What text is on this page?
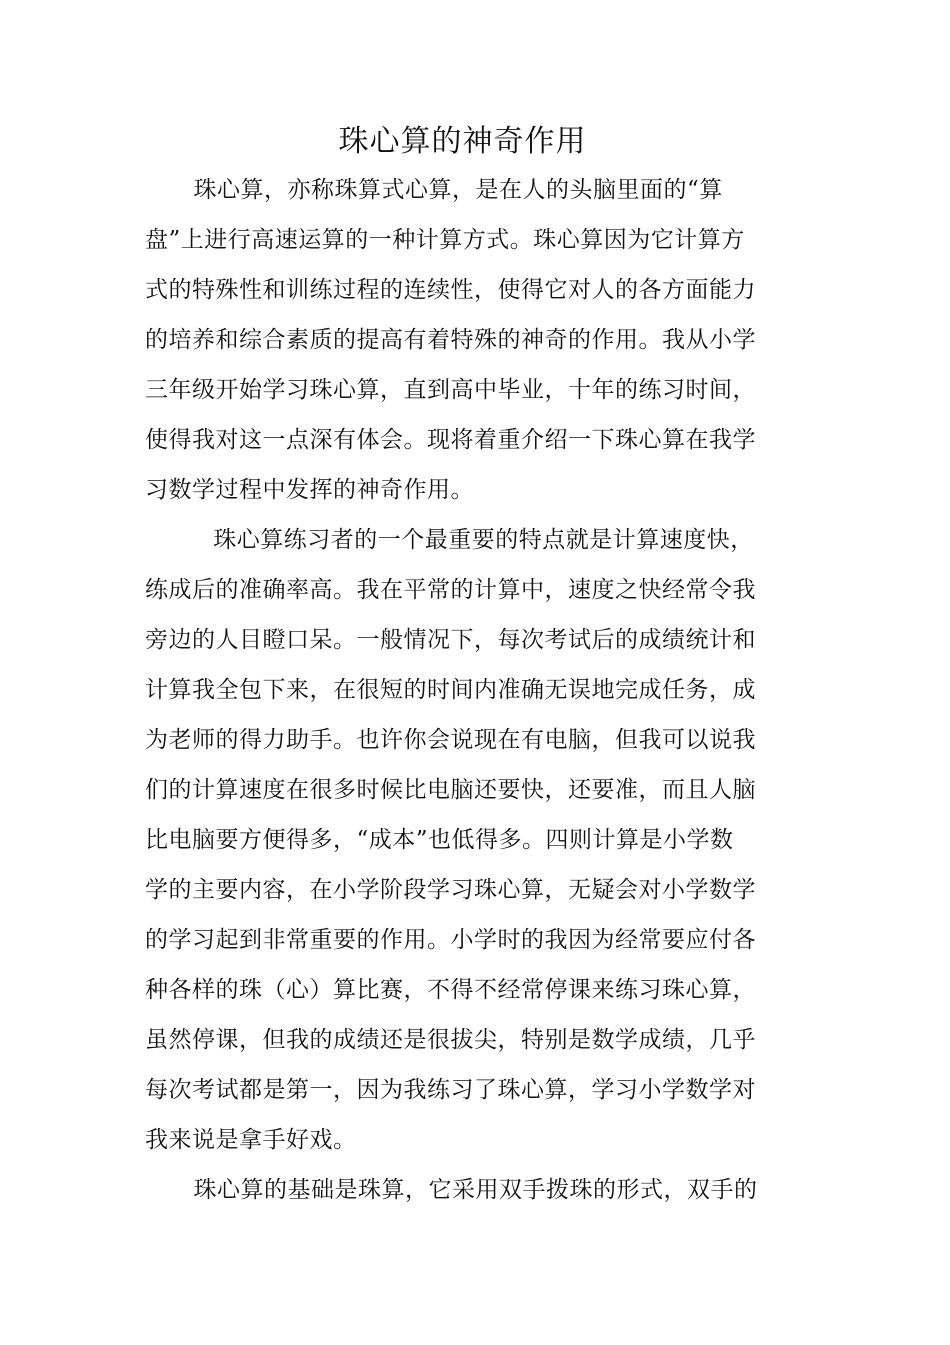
珠心算的神奇作用
　珠心算，亦称珠算式心算，是在人的头脑里面的“算
盘”上进行高速运算的一种计算方式。珠心算因为它计算方
式的特殊性和训练过程的连续性，使得它对人的各方面能力
的培养和综合素质的提高有着特殊的神奇的作用。我从小学
三年级开始学习珠心算，直到高中毕业，十年的练习时间，
使得我对这一点深有体会。现将着重介绍一下珠心算在我学
习数学过程中发挥的神奇作用。
　 珠心算练习者的一个最重要的特点就是计算速度快，
练成后的准确率高。我在平常的计算中，速度之快经常令我
旁边的人目瞪口呆。一般情况下，每次考试后的成绩统计和
计算我全包下来，在很短的时间内准确无误地完成任务，成
为老师的得力助手。也许你会说现在有电脑，但我可以说我
们的计算速度在很多时候比电脑还要快，还要准，而且人脑
比电脑要方便得多，“成本”也低得多。四则计算是小学数
学的主要内容，在小学阶段学习珠心算，无疑会对小学数学
的学习起到非常重要的作用。小学时的我因为经常要应付各
种各样的珠（心）算比赛，不得不经常停课来练习珠心算，
虽然停课，但我的成绩还是很拔尖，特别是数学成绩，几乎
每次考试都是第一，因为我练习了珠心算，学习小学数学对
我来说是拿手好戏。
　珠心算的基础是珠算，它采用双手拨珠的形式，双手的
